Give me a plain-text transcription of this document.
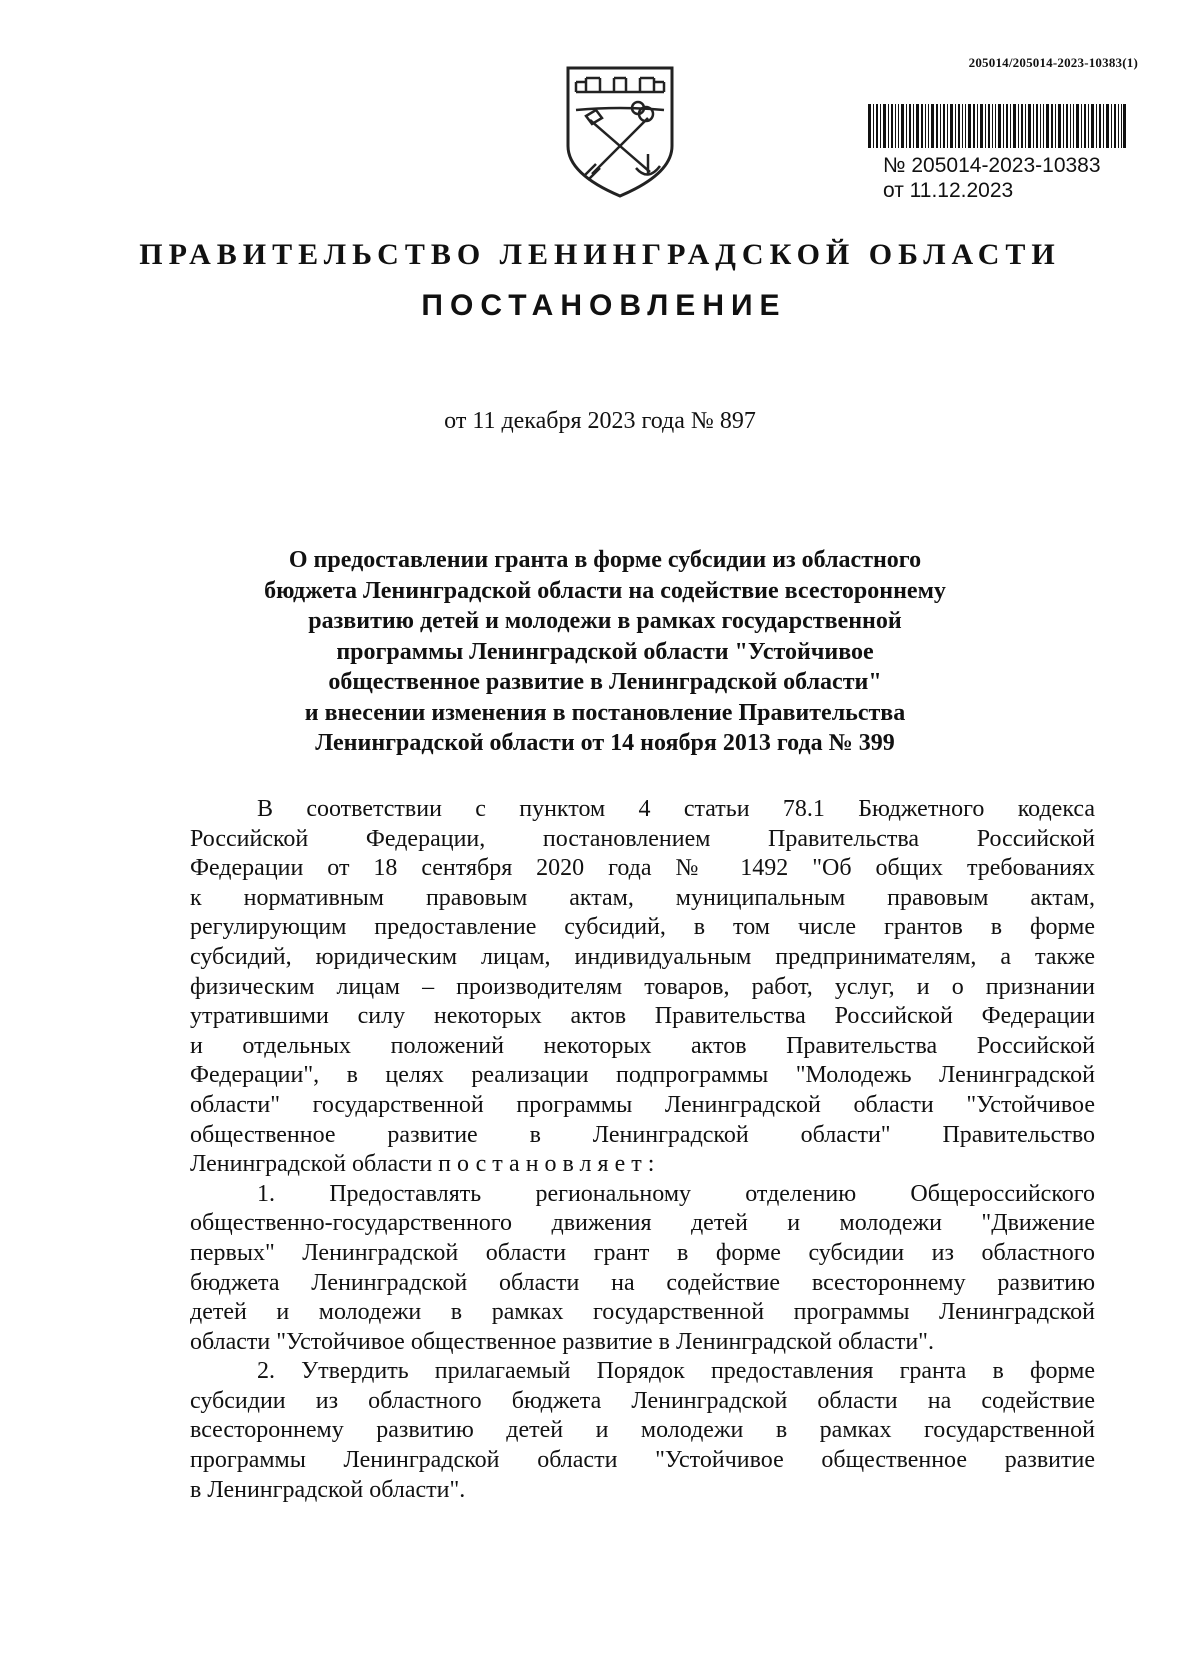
205014/205014-2023-10383(1)
№ 205014-2023-10383
от 11.12.2023
ПРАВИТЕЛЬСТВО ЛЕНИНГРАДСКОЙ ОБЛАСТИ
ПОСТАНОВЛЕНИЕ
от 11 декабря 2023 года № 897
О предоставлении гранта в форме субсидии из областного
бюджета Ленинградской области на содействие всестороннему
развитию детей и молодежи в рамках государственной
программы Ленинградской области "Устойчивое
общественное развитие в Ленинградской области"
и внесении изменения в постановление Правительства
Ленинградской области от 14 ноября 2013 года № 399
В соответствии с пунктом 4 статьи 78.1 Бюджетного кодекса
Российской Федерации, постановлением Правительства Российской
Федерации от 18 сентября 2020 года № 1492 "Об общих требованиях
к нормативным правовым актам, муниципальным правовым актам,
регулирующим предоставление субсидий, в том числе грантов в форме
субсидий, юридическим лицам, индивидуальным предпринимателям, а также
физическим лицам – производителям товаров, работ, услуг, и о признании
утратившими силу некоторых актов Правительства Российской Федерации
и отдельных положений некоторых актов Правительства Российской
Федерации", в целях реализации подпрограммы "Молодежь Ленинградской
области" государственной программы Ленинградской области "Устойчивое
общественное развитие в Ленинградской области" Правительство
Ленинградской области постановляет:
1. Предоставлять региональному отделению Общероссийского
общественно-государственного движения детей и молодежи "Движение
первых" Ленинградской области грант в форме субсидии из областного
бюджета Ленинградской области на содействие всестороннему развитию
детей и молодежи в рамках государственной программы Ленинградской
области "Устойчивое общественное развитие в Ленинградской области".
2. Утвердить прилагаемый Порядок предоставления гранта в форме
субсидии из областного бюджета Ленинградской области на содействие
всестороннему развитию детей и молодежи в рамках государственной
программы Ленинградской области "Устойчивое общественное развитие
в Ленинградской области".
